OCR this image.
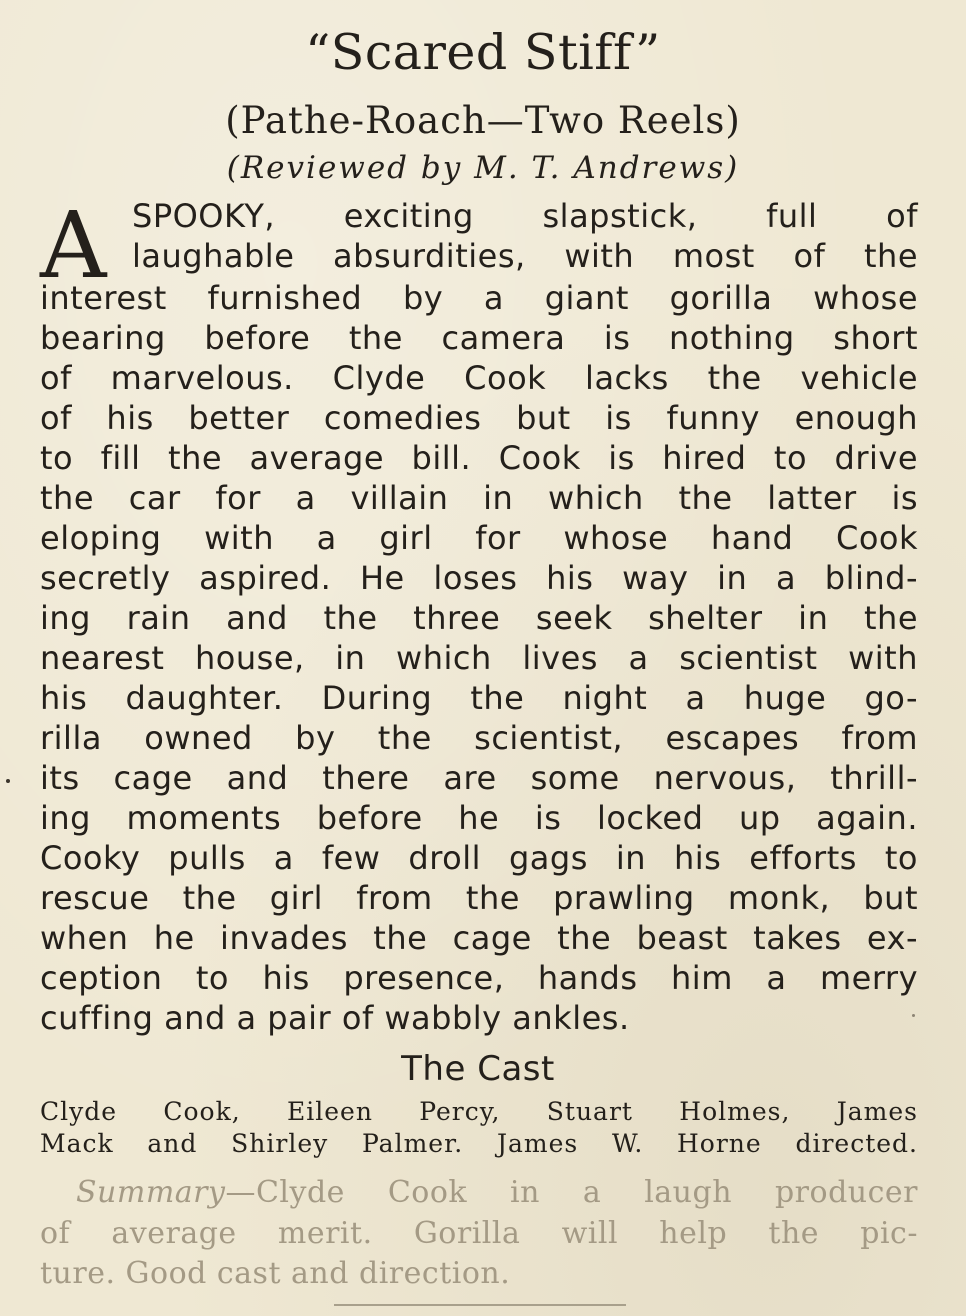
“Scared Stiff”
(Pathe-Roach—Two Reels)
(Reviewed by M. T. Andrews)
A SPOOKY, exciting slapstick, full of
laughable absurdities, with most of the
interest furnished by a giant gorilla whose
bearing before the camera is nothing short
of marvelous. Clyde Cook lacks the vehicle
of his better comedies but is funny enough
to fill the average bill. Cook is hired to drive
the car for a villain in which the latter is
eloping with a girl for whose hand Cook
secretly aspired. He loses his way in a blind-
ing rain and the three seek shelter in the
nearest house, in which lives a scientist with
his daughter. During the night a huge go-
rilla owned by the scientist, escapes from
its cage and there are some nervous, thrill-
ing moments before he is locked up again.
Cooky pulls a few droll gags in his efforts to
rescue the girl from the prawling monk, but
when he invades the cage the beast takes ex-
ception to his presence, hands him a merry
cuffing and a pair of wabbly ankles.
The Cast
Clyde Cook, Eileen Percy, Stuart Holmes, James
Mack and Shirley Palmer. James W. Horne directed.
Summary—Clyde Cook in a laugh producer
of average merit. Gorilla will help the pic-
ture. Good cast and direction.
